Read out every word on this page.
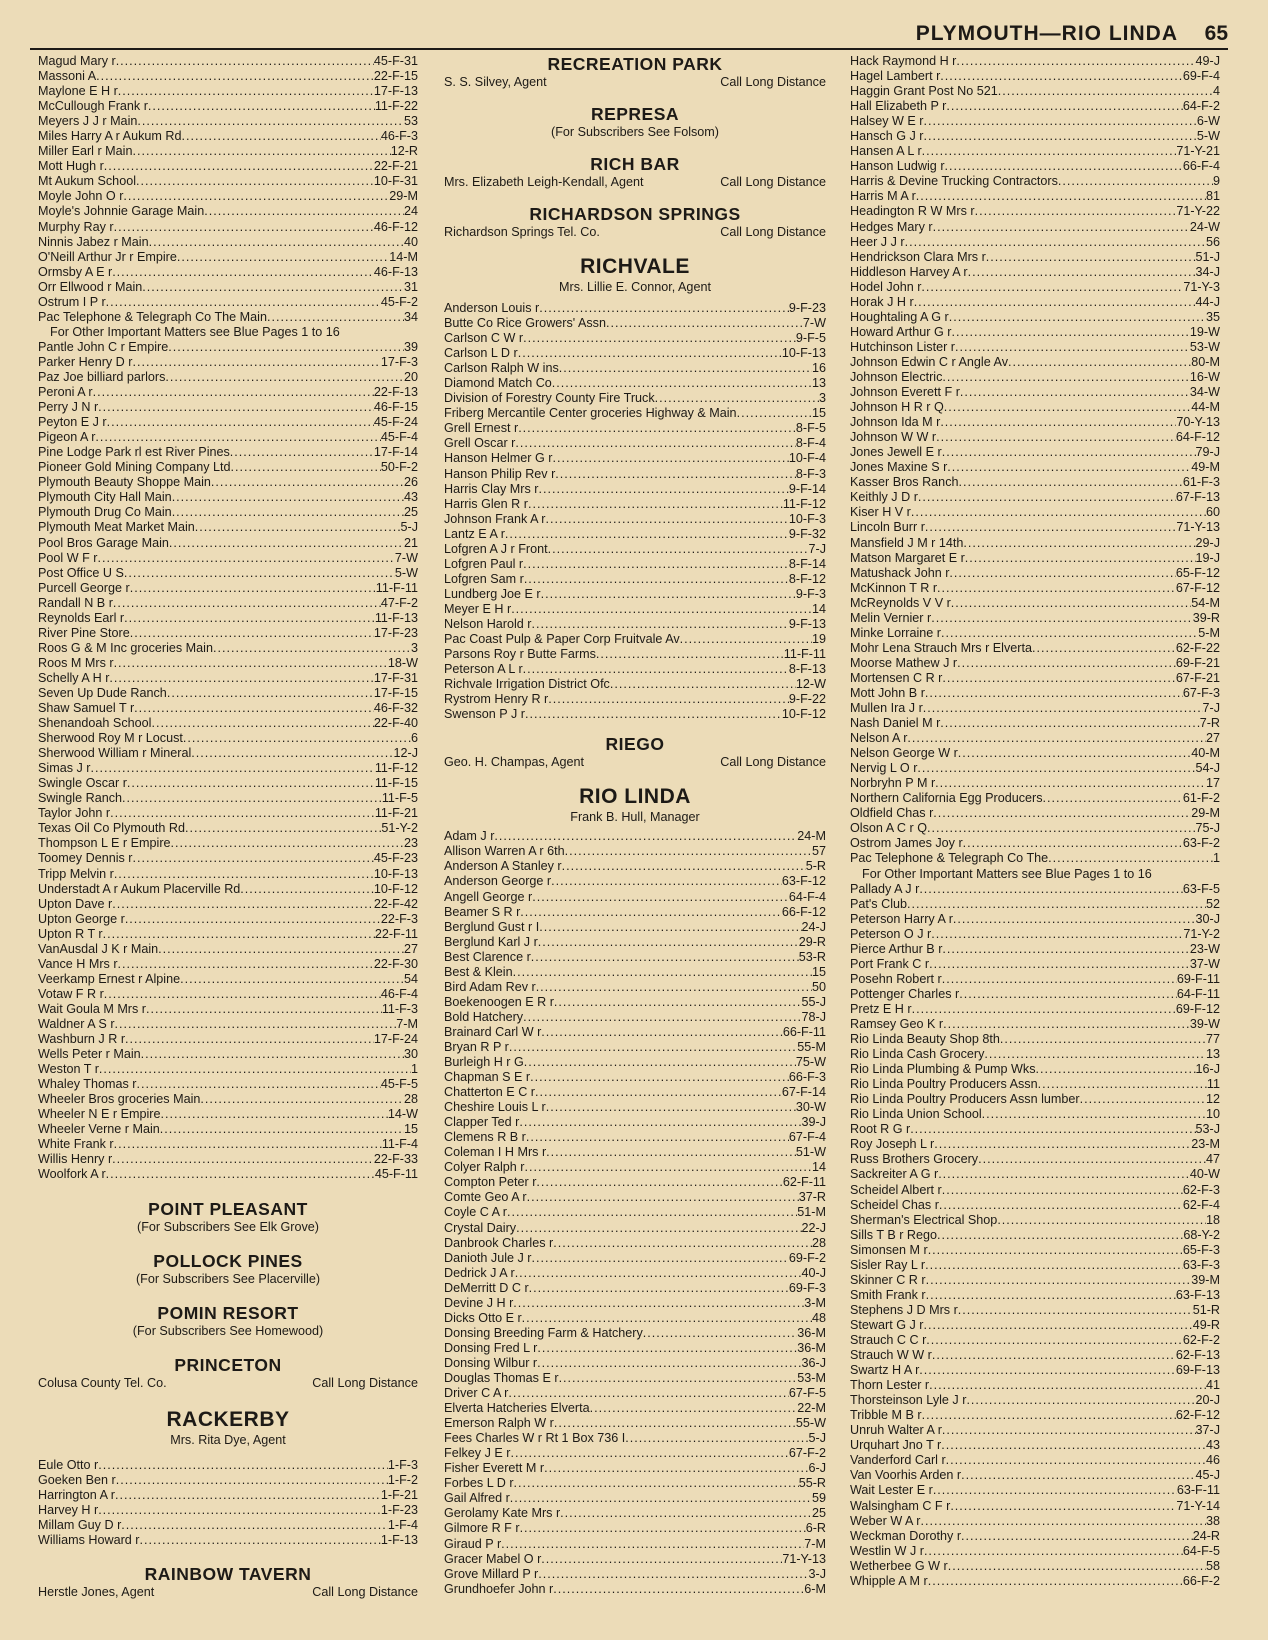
PLYMOUTH—RIO LINDA 65
Magud Mary r .....	45-F-31
Massoni A .....	22-F-15
Maylone E H r .....	17-F-13
McCullough Frank r .....	11-F-22
Meyers J J r Main .....	53
Miles Harry A r Aukum Rd .....	46-F-3
Miller Earl r Main .....	12-R
Mott Hugh r .....	22-F-21
Mt Aukum School .....	10-F-31
Moyle John O r .....	29-M
Moyle's Johnnie Garage Main .....	24
Murphy Ray r .....	46-F-12
Ninnis Jabez r Main .....	40
O'Neill Arthur Jr r Empire .....	14-M
Ormsby A E r .....	46-F-13
Orr Ellwood r Main .....	31
Ostrum I P r .....	45-F-2
Pac Telephone & Telegraph Co The Main .....	34
For Other Important Matters see Blue Pages 1 to 16
Pantle John C r Empire .....	39
Parker Henry D r .....	17-F-3
Paz Joe billiard parlors .....	20
Peroni A r .....	22-F-13
Perry J N r .....	46-F-15
Peyton E J r .....	45-F-24
Pigeon A r .....	45-F-4
Pine Lodge Park rl est River Pines .....	17-F-14
Pioneer Gold Mining Company Ltd .....	50-F-2
Plymouth Beauty Shoppe Main .....	26
Plymouth City Hall Main .....	43
Plymouth Drug Co Main .....	25
Plymouth Meat Market Main .....	5-J
Pool Bros Garage Main .....	21
Pool W F r .....	7-W
Post Office U S .....	5-W
Purcell George r .....	11-F-11
Randall N B r .....	47-F-2
Reynolds Earl r .....	11-F-13
River Pine Store .....	17-F-23
Roos G & M Inc groceries Main .....	3
Roos M Mrs r .....	18-W
Schelly A H r .....	17-F-31
Seven Up Dude Ranch .....	17-F-15
Shaw Samuel T r .....	46-F-32
Shenandoah School .....	22-F-40
Sherwood Roy M r Locust .....	6
Sherwood William r Mineral .....	12-J
Simas J r .....	11-F-12
Swingle Oscar r .....	11-F-15
Swingle Ranch .....	11-F-5
Taylor John r .....	11-F-21
Texas Oil Co Plymouth Rd .....	51-Y-2
Thompson L E r Empire .....	23
Toomey Dennis r .....	45-F-23
Tripp Melvin r .....	10-F-13
Understadt A r Aukum Placerville Rd .....	10-F-12
Upton Dave r .....	22-F-42
Upton George r .....	22-F-3
Upton R T r .....	22-F-11
VanAusdal J K r Main .....	27
Vance H Mrs r .....	22-F-30
Veerkamp Ernest r Alpine .....	54
Votaw F R r .....	46-F-4
Wait Goula M Mrs r .....	11-F-3
Waldner A S r .....	7-M
Washburn J R r .....	17-F-24
Wells Peter r Main .....	30
Weston T r .....	1
Whaley Thomas r .....	45-F-5
Wheeler Bros groceries Main .....	28
Wheeler N E r Empire .....	14-W
Wheeler Verne r Main .....	15
White Frank r .....	11-F-4
Willis Henry r .....	22-F-33
Woolfork A r .....	45-F-11
POINT PLEASANT
(For Subscribers See Elk Grove)
POLLOCK PINES
(For Subscribers See Placerville)
POMIN RESORT
(For Subscribers See Homewood)
PRINCETON
Colusa County Tel. Co.	Call Long Distance
RACKERBY
Mrs. Rita Dye, Agent
Eule Otto r .....	1-F-3
Goeken Ben r .....	1-F-2
Harrington A r .....	1-F-21
Harvey H r .....	1-F-23
Millam Guy D r .....	1-F-4
Williams Howard r .....	1-F-13
RAINBOW TAVERN
Herstle Jones, Agent	Call Long Distance
RECREATION PARK
S. S. Silvey, Agent	Call Long Distance
REPRESA
(For Subscribers See Folsom)
RICH BAR
Mrs. Elizabeth Leigh-Kendall, Agent	Call Long Distance
RICHARDSON SPRINGS
Richardson Springs Tel. Co.	Call Long Distance
RICHVALE
Mrs. Lillie E. Connor, Agent
Anderson Louis r .....	9-F-23
Butte Co Rice Growers' Assn .....	7-W
Carlson C W r .....	9-F-5
Carlson L D r .....	10-F-13
Carlson Ralph W ins .....	16
Diamond Match Co .....	13
Division of Forestry County Fire Truck .....	3
Friberg Mercantile Center groceries Highway & Main .....	15
Grell Ernest r .....	8-F-5
Grell Oscar r .....	8-F-4
Hanson Helmer G r .....	10-F-4
Hanson Philip Rev r .....	8-F-3
Harris Clay Mrs r .....	9-F-14
Harris Glen R r .....	11-F-12
Johnson Frank A r .....	10-F-3
Lantz E A r .....	9-F-32
Lofgren A J r Front .....	7-J
Lofgren Paul r .....	8-F-14
Lofgren Sam r .....	8-F-12
Lundberg Joe E r .....	9-F-3
Meyer E H r .....	14
Nelson Harold r .....	9-F-13
Pac Coast Pulp & Paper Corp Fruitvale Av .....	19
Parsons Roy r Butte Farms .....	11-F-11
Peterson A L r .....	8-F-13
Richvale Irrigation District Ofc .....	12-W
Rystrom Henry R r .....	9-F-22
Swenson P J r .....	10-F-12
RIEGO
Geo. H. Champas, Agent	Call Long Distance
RIO LINDA
Frank B. Hull, Manager
Adam J r .....	24-M
Allison Warren A r 6th .....	57
Anderson A Stanley r .....	5-R
Anderson George r .....	63-F-12
Angell George r .....	64-F-4
Beamer S R r .....	66-F-12
Berglund Gust r I .....	24-J
Berglund Karl J r .....	29-R
Best Clarence r .....	53-R
Best & Klein .....	15
Bird Adam Rev r .....	50
Boekenoogen E R r .....	55-J
Bold Hatchery .....	78-J
Brainard Carl W r .....	66-F-11
Bryan R P r .....	55-M
Burleigh H r G .....	75-W
Chapman S E r .....	66-F-3
Chatterton E C r .....	67-F-14
Cheshire Louis L r .....	30-W
Clapper Ted r .....	39-J
Clemens R B r .....	67-F-4
Coleman I H Mrs r .....	51-W
Colyer Ralph r .....	14
Compton Peter r .....	62-F-11
Comte Geo A r .....	37-R
Coyle C A r .....	51-M
Crystal Dairy .....	22-J
Danbrook Charles r .....	28
Danioth Jule J r .....	69-F-2
Dedrick J A r .....	40-J
DeMerritt D C r .....	69-F-3
Devine J H r .....	3-M
Dicks Otto E r .....	48
Donsing Breeding Farm & Hatchery .....	36-M
Donsing Fred L r .....	36-M
Donsing Wilbur r .....	36-J
Douglas Thomas E r .....	53-M
Driver C A r .....	67-F-5
Elverta Hatcheries Elverta .....	22-M
Emerson Ralph W r .....	55-W
Fees Charles W r Rt 1 Box 736 I .....	5-J
Felkey J E r .....	67-F-2
Fisher Everett M r .....	6-J
Forbes L D r .....	55-R
Gail Alfred r .....	59
Gerolamy Kate Mrs r .....	25
Gilmore R F r .....	6-R
Giraud P r .....	7-M
Gracer Mabel O r .....	71-Y-13
Grove Millard P r .....	3-J
Grundhoefer John r .....	6-M
Hack Raymond H r .....	49-J
Hagel Lambert r .....	69-F-4
Haggin Grant Post No 521 .....	4
Hall Elizabeth P r .....	64-F-2
Halsey W E r .....	6-W
Hansch G J r .....	5-W
Hansen A L r .....	71-Y-21
Hanson Ludwig r .....	66-F-4
Harris & Devine Trucking Contractors .....	9
Harris M A r .....	81
Headington R W Mrs r .....	71-Y-22
Hedges Mary r .....	24-W
Heer J J r .....	56
Hendrickson Clara Mrs r .....	51-J
Hiddleson Harvey A r .....	34-J
Hodel John r .....	71-Y-3
Horak J H r .....	44-J
Houghtaling A G r .....	35
Howard Arthur G r .....	19-W
Hutchinson Lister r .....	53-W
Johnson Edwin C r Angle Av .....	80-M
Johnson Electric .....	16-W
Johnson Everett F r .....	34-W
Johnson H R r Q .....	44-M
Johnson Ida M r .....	70-Y-13
Johnson W W r .....	64-F-12
Jones Jewell E r .....	79-J
Jones Maxine S r .....	49-M
Kasser Bros Ranch .....	61-F-3
Keithly J D r .....	67-F-13
Kiser H V r .....	60
Lincoln Burr r .....	71-Y-13
Mansfield J M r 14th .....	29-J
Matson Margaret E r .....	19-J
Matushack John r .....	65-F-12
McKinnon T R r .....	67-F-12
McReynolds V V r .....	54-M
Melin Vernier r .....	39-R
Minke Lorraine r .....	5-M
Mohr Lena Strauch Mrs r Elverta .....	62-F-22
Moorse Mathew J r .....	69-F-21
Mortensen C R r .....	67-F-21
Mott John B r .....	67-F-3
Mullen Ira J r .....	7-J
Nash Daniel M r .....	7-R
Nelson A r .....	27
Nelson George W r .....	40-M
Nervig L O r .....	54-J
Norbryhn P M r .....	17
Northern California Egg Producers .....	61-F-2
Oldfield Chas r .....	29-M
Olson A C r Q .....	75-J
Ostrom James Joy r .....	63-F-2
Pac Telephone & Telegraph Co The .....	1
For Other Important Matters see Blue Pages 1 to 16
Pallady A J r .....	63-F-5
Pat's Club .....	52
Peterson Harry A r .....	30-J
Peterson O J r .....	71-Y-2
Pierce Arthur B r .....	23-W
Port Frank C r .....	37-W
Posehn Robert r .....	69-F-11
Pottenger Charles r .....	64-F-11
Pretz E H r .....	69-F-12
Ramsey Geo K r .....	39-W
Rio Linda Beauty Shop 8th .....	77
Rio Linda Cash Grocery .....	13
Rio Linda Plumbing & Pump Wks .....	16-J
Rio Linda Poultry Producers Assn .....	11
Rio Linda Poultry Producers Assn lumber .....	12
Rio Linda Union School .....	10
Root R G r .....	53-J
Roy Joseph L r .....	23-M
Russ Brothers Grocery .....	47
Sackreiter A G r .....	40-W
Scheidel Albert r .....	62-F-3
Scheidel Chas r .....	62-F-4
Sherman's Electrical Shop .....	18
Sills T B r Rego .....	68-Y-2
Simonsen M r .....	65-F-3
Sisler Ray L r .....	63-F-3
Skinner C R r .....	39-M
Smith Frank r .....	63-F-13
Stephens J D Mrs r .....	51-R
Stewart G J r .....	49-R
Strauch C C r .....	62-F-2
Strauch W W r .....	62-F-13
Swartz H A r .....	69-F-13
Thorn Lester r .....	41
Thorsteinson Lyle J r .....	20-J
Tribble M B r .....	62-F-12
Unruh Walter A r .....	37-J
Urquhart Jno T r .....	43
Vanderford Carl r .....	46
Van Voorhis Arden r .....	45-J
Wait Lester E r .....	63-F-11
Walsingham C F r .....	71-Y-14
Weber W A r .....	38
Weckman Dorothy r .....	24-R
Westlin W J r .....	64-F-5
Wetherbee G W r .....	58
Whipple A M r .....	66-F-2
